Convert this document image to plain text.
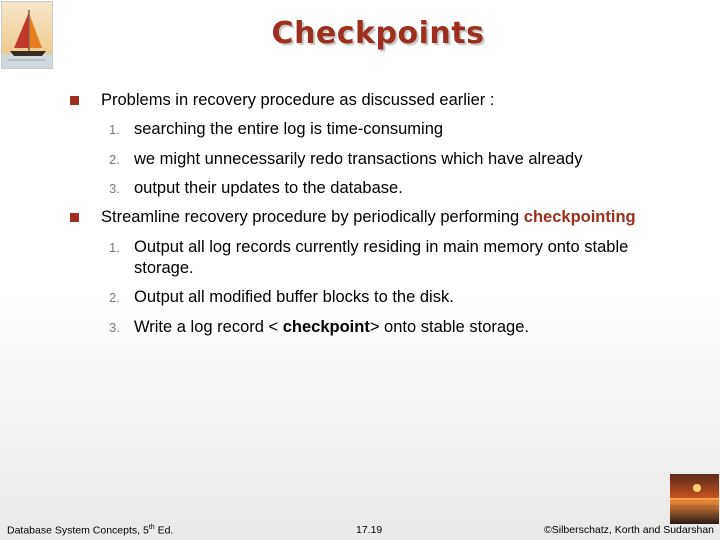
Checkpoints
Problems in recovery procedure as discussed earlier :
1. searching the entire log is time-consuming
2. we might unnecessarily redo transactions which have already
3. output their updates to the database.
Streamline recovery procedure by periodically performing checkpointing
1. Output all log records currently residing in main memory onto stable storage.
2. Output all modified buffer blocks to the disk.
3. Write a log record < checkpoint> onto stable storage.
Database System Concepts, 5th Ed.	17.19	©Silberschatz, Korth and Sudarshan
